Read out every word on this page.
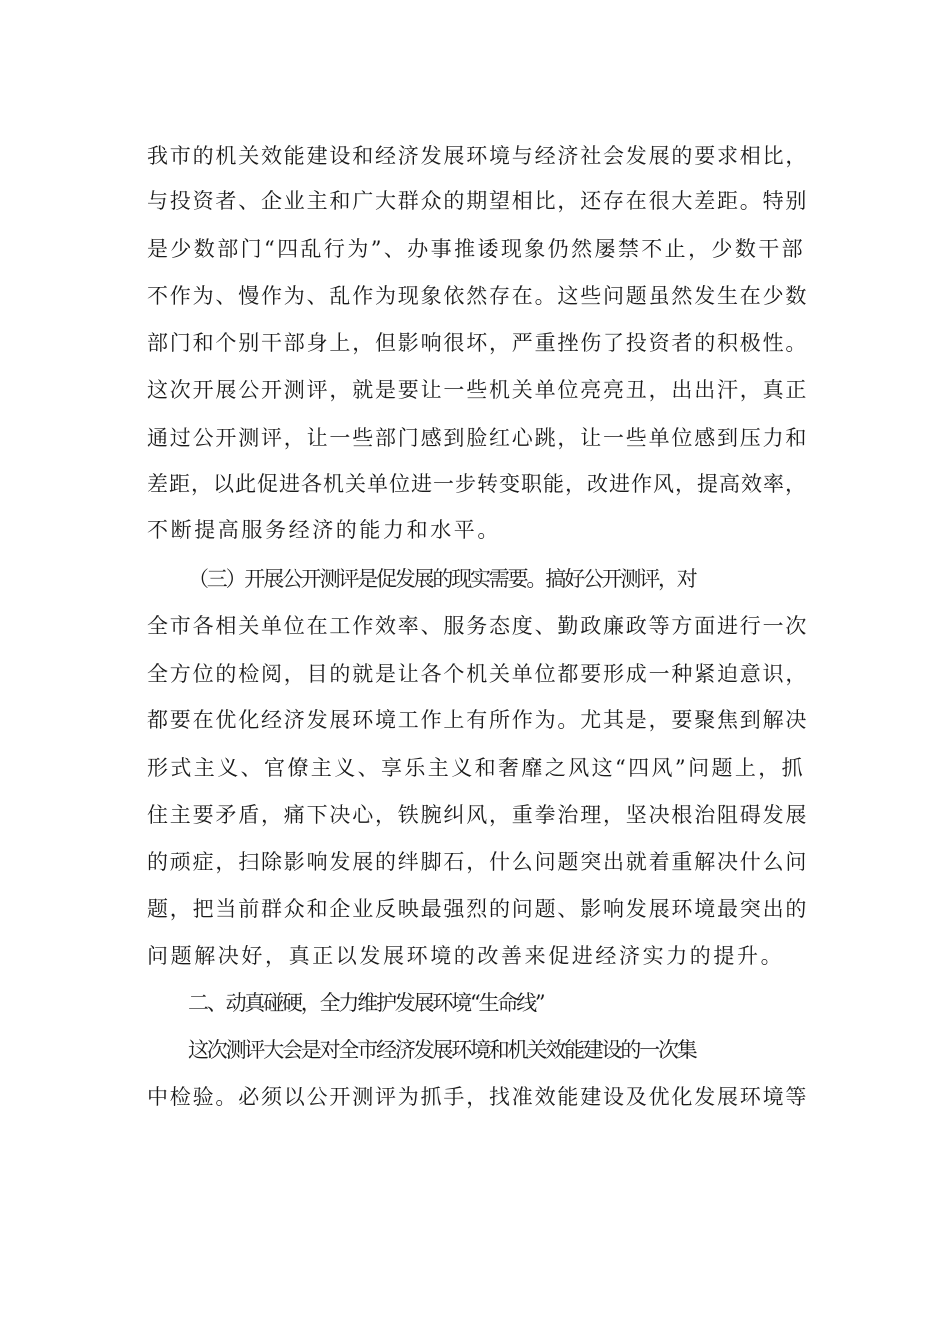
我市的机关效能建设和经济发展环境与经济社会发展的要求相比，
与投资者、企业主和广大群众的期望相比，还存在很大差距。特别
是少数部门“四乱行为”、办事推诿现象仍然屡禁不止，少数干部
不作为、慢作为、乱作为现象依然存在。这些问题虽然发生在少数
部门和个别干部身上，但影响很坏，严重挫伤了投资者的积极性。
这次开展公开测评，就是要让一些机关单位亮亮丑，出出汗，真正
通过公开测评，让一些部门感到脸红心跳，让一些单位感到压力和
差距，以此促进各机关单位进一步转变职能，改进作风，提高效率，
不断提高服务经济的能力和水平。
（三）开展公开测评是促发展的现实需要。搞好公开测评，对
全市各相关单位在工作效率、服务态度、勤政廉政等方面进行一次
全方位的检阅，目的就是让各个机关单位都要形成一种紧迫意识，
都要在优化经济发展环境工作上有所作为。尤其是，要聚焦到解决
形式主义、官僚主义、享乐主义和奢靡之风这“四风”问题上，抓
住主要矛盾，痛下决心，铁腕纠风，重拳治理，坚决根治阻碍发展
的顽症，扫除影响发展的绊脚石，什么问题突出就着重解决什么问
题，把当前群众和企业反映最强烈的问题、影响发展环境最突出的
问题解决好，真正以发展环境的改善来促进经济实力的提升。
二、动真碰硬，全力维护发展环境“生命线”
这次测评大会是对全市经济发展环境和机关效能建设的一次集
中检验。必须以公开测评为抓手，找准效能建设及优化发展环境等
